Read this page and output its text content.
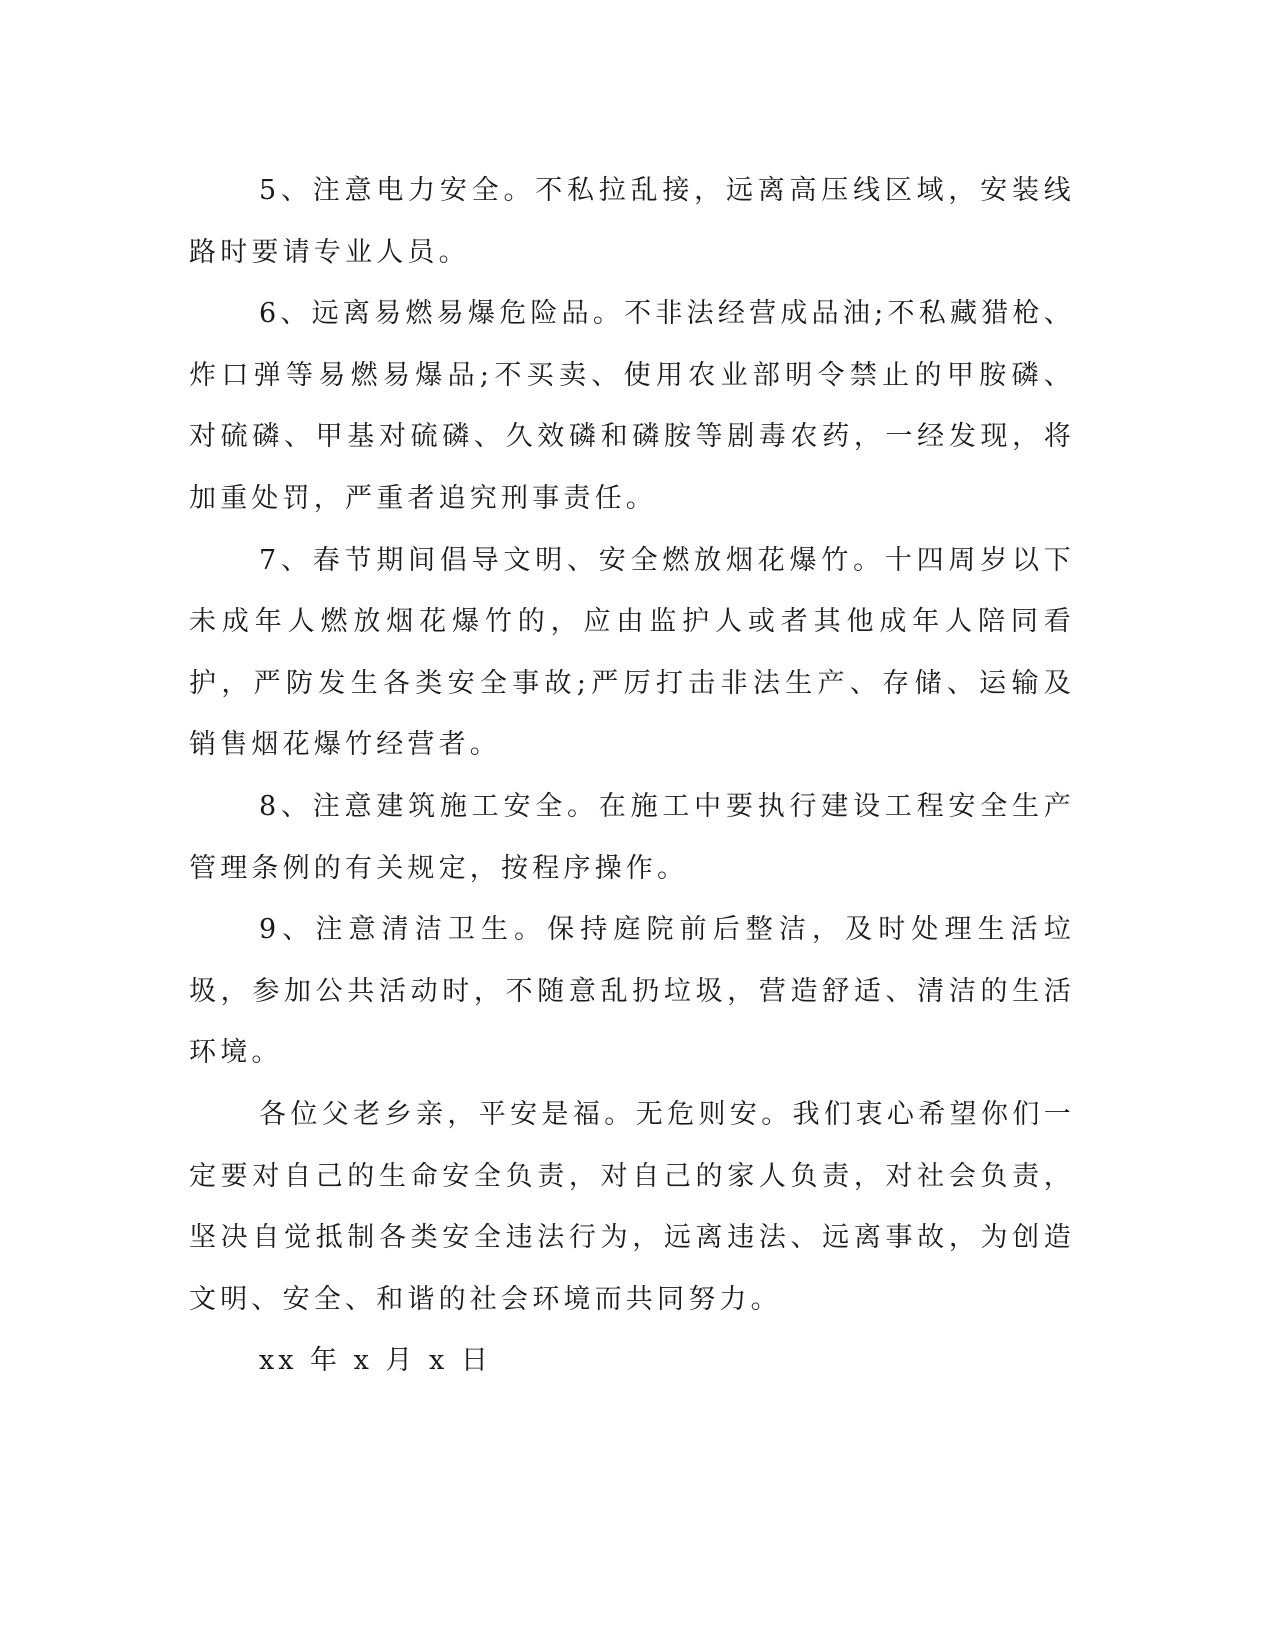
5、注意电力安全。不私拉乱接，远离高压线区域，安装线路时要请专业人员。

6、远离易燃易爆危险品。不非法经营成品油;不私藏猎枪、炸口弹等易燃易爆品;不买卖、使用农业部明令禁止的甲胺磷、对硫磷、甲基对硫磷、久效磷和磷胺等剧毒农药，一经发现，将加重处罚，严重者追究刑事责任。

7、春节期间倡导文明、安全燃放烟花爆竹。十四周岁以下未成年人燃放烟花爆竹的，应由监护人或者其他成年人陪同看护，严防发生各类安全事故;严厉打击非法生产、存储、运输及销售烟花爆竹经营者。

8、注意建筑施工安全。在施工中要执行建设工程安全生产管理条例的有关规定，按程序操作。

9、注意清洁卫生。保持庭院前后整洁，及时处理生活垃圾，参加公共活动时，不随意乱扔垃圾，营造舒适、清洁的生活环境。

各位父老乡亲，平安是福。无危则安。我们衷心希望你们一定要对自己的生命安全负责，对自己的家人负责，对社会负责，坚决自觉抵制各类安全违法行为，远离违法、远离事故，为创造文明、安全、和谐的社会环境而共同努力。

xx 年 x 月 x 日
